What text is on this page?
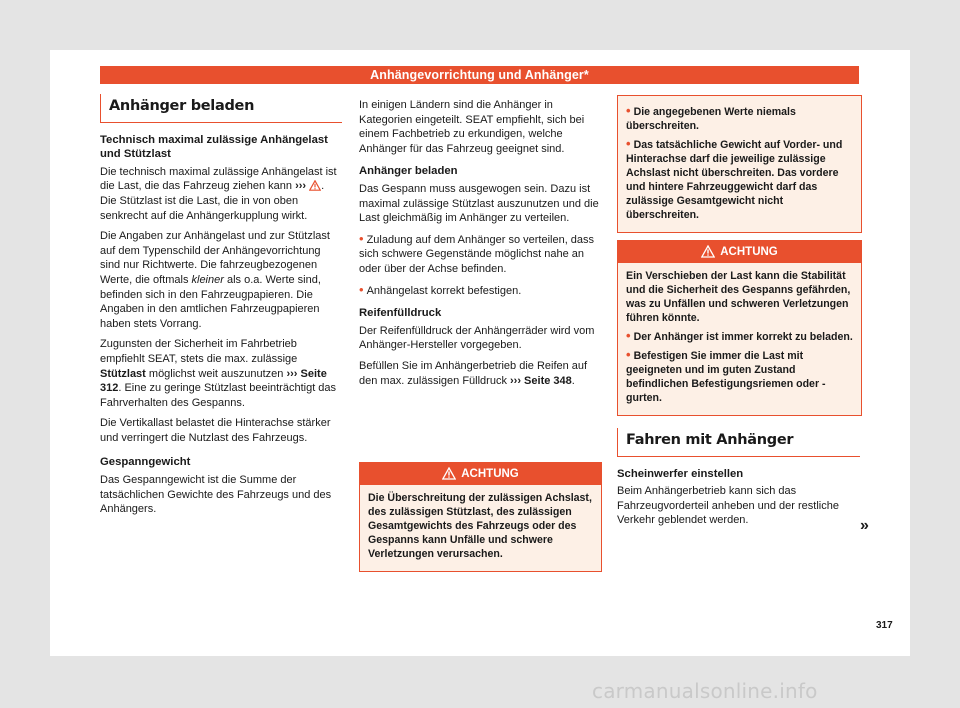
Anhängevorrichtung und Anhänger*
Anhänger beladen

Technisch maximal zulässige Anhängelast und Stützlast

Die technisch maximal zulässige Anhängelast ist die Last, die das Fahrzeug ziehen kann ››› . Die Stützlast ist die Last, die in von oben senkrecht auf die Anhängerkupplung wirkt.

Die Angaben zur Anhängelast und zur Stützlast auf dem Typenschild der Anhängevorrichtung sind nur Richtwerte. Die fahrzeugbezogenen Werte, die oftmals kleiner als o.a. Werte sind, befinden sich in den Fahrzeugpapieren. Die Angaben in den amtlichen Fahrzeugpapieren haben stets Vorrang.

Zugunsten der Sicherheit im Fahrbetrieb empfiehlt SEAT, stets die max. zulässige Stützlast möglichst weit auszunutzen ››› Seite 312. Eine zu geringe Stützlast beeinträchtigt das Fahrverhalten des Gespanns.

Die Vertikallast belastet die Hinterachse stärker und verringert die Nutzlast des Fahrzeugs.

Gespanngewicht

Das Gespanngewicht ist die Summe der tatsächlichen Gewichte des Fahrzeugs und des Anhängers.

In einigen Ländern sind die Anhänger in Kategorien eingeteilt. SEAT empfiehlt, sich bei einem Fachbetrieb zu erkundigen, welche Anhänger für das Fahrzeug geeignet sind.

Anhänger beladen

Das Gespann muss ausgewogen sein. Dazu ist maximal zulässige Stützlast auszunutzen und die Last gleichmäßig im Anhänger zu verteilen.

• Zuladung auf dem Anhänger so verteilen, dass sich schwere Gegenstände möglichst nahe an oder über der Achse befinden.

• Anhängelast korrekt befestigen.

Reifenfülldruck

Der Reifenfülldruck der Anhängerräder wird vom Anhänger-Hersteller vorgegeben.

Befüllen Sie im Anhängerbetrieb die Reifen auf den max. zulässigen Fülldruck ››› Seite 348.

ACHTUNG

Die Überschreitung der zulässigen Achslast, des zulässigen Stützlast, des zulässigen Gesamtgewichts des Fahrzeugs oder des Gespanns kann Unfälle und schwere Verletzungen verursachen.

• Die angegebenen Werte niemals überschreiten.

• Das tatsächliche Gewicht auf Vorder- und Hinterachse darf die jeweilige zulässige Achslast nicht überschreiten. Das vordere und hintere Fahrzeuggewicht darf das zulässige Gesamtgewicht nicht überschreiten.

ACHTUNG

Ein Verschieben der Last kann die Stabilität und die Sicherheit des Gespanns gefährden, was zu Unfällen und schweren Verletzungen führen könnte.

• Der Anhänger ist immer korrekt zu beladen.

• Befestigen Sie immer die Last mit geeigneten und im guten Zustand befindlichen Befestigungsriemen oder -gurten.

Fahren mit Anhänger

Scheinwerfer einstellen

Beim Anhängerbetrieb kann sich das Fahrzeugvorderteil anheben und der restliche Verkehr geblendet werden.	»
317
carmanualsonline.info
